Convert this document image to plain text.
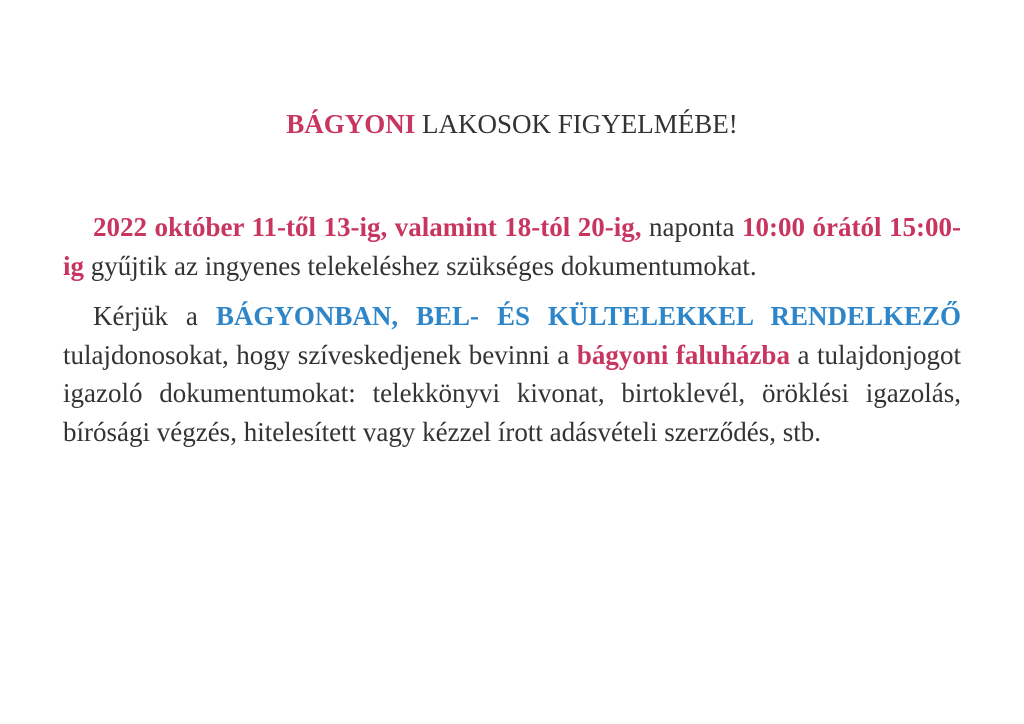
BÁGYONI LAKOSOK FIGYELMÉBE!

2022 október 11-től 13-ig, valamint 18-tól 20-ig, naponta 10:00 órától 15:00-ig gyűjtik az ingyenes telekeléshez szükséges dokumentumokat.

Kérjük a BÁGYONBAN, BEL- ÉS KÜLTELEKKEL RENDELKEZŐ tulajdonosokat, hogy szíveskedjenek bevinni a bágyoni faluházba a tulajdonjogot igazoló dokumentumokat: telekkönyvi kivonat, birtoklevél, öröklési igazolás, bírósági végzés, hitelesített vagy kézzel írott adásvételi szerződés, stb.
